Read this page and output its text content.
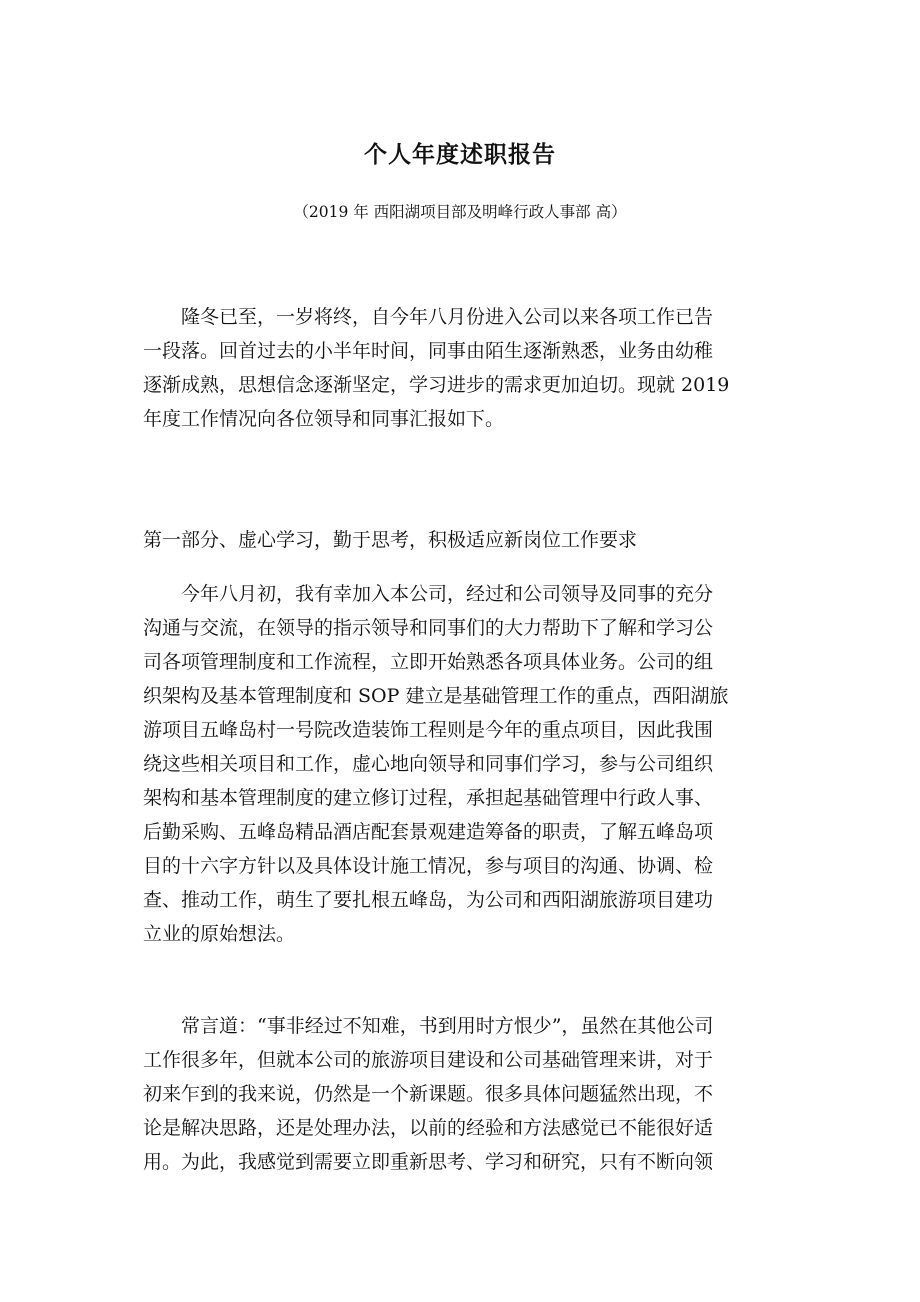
个人年度述职报告
（2019 年 西阳湖项目部及明峰行政人事部 高）
隆冬已至，一岁将终，自今年八月份进入公司以来各项工作已告
一段落。回首过去的小半年时间，同事由陌生逐渐熟悉，业务由幼稚
逐渐成熟，思想信念逐渐坚定，学习进步的需求更加迫切。现就 2019
年度工作情况向各位领导和同事汇报如下。
第一部分、虚心学习，勤于思考，积极适应新岗位工作要求
今年八月初，我有幸加入本公司，经过和公司领导及同事的充分
沟通与交流，在领导的指示领导和同事们的大力帮助下了解和学习公
司各项管理制度和工作流程，立即开始熟悉各项具体业务。公司的组
织架构及基本管理制度和 SOP 建立是基础管理工作的重点，西阳湖旅
游项目五峰岛村一号院改造装饰工程则是今年的重点项目，因此我围
绕这些相关项目和工作，虚心地向领导和同事们学习，参与公司组织
架构和基本管理制度的建立修订过程，承担起基础管理中行政人事、
后勤采购、五峰岛精品酒店配套景观建造筹备的职责，了解五峰岛项
目的十六字方针以及具体设计施工情况，参与项目的沟通、协调、检
查、推动工作，萌生了要扎根五峰岛，为公司和西阳湖旅游项目建功
立业的原始想法。
常言道：“事非经过不知难，书到用时方恨少”，虽然在其他公司
工作很多年，但就本公司的旅游项目建设和公司基础管理来讲，对于
初来乍到的我来说，仍然是一个新课题。很多具体问题猛然出现，不
论是解决思路，还是处理办法，以前的经验和方法感觉已不能很好适
用。为此，我感觉到需要立即重新思考、学习和研究，只有不断向领
